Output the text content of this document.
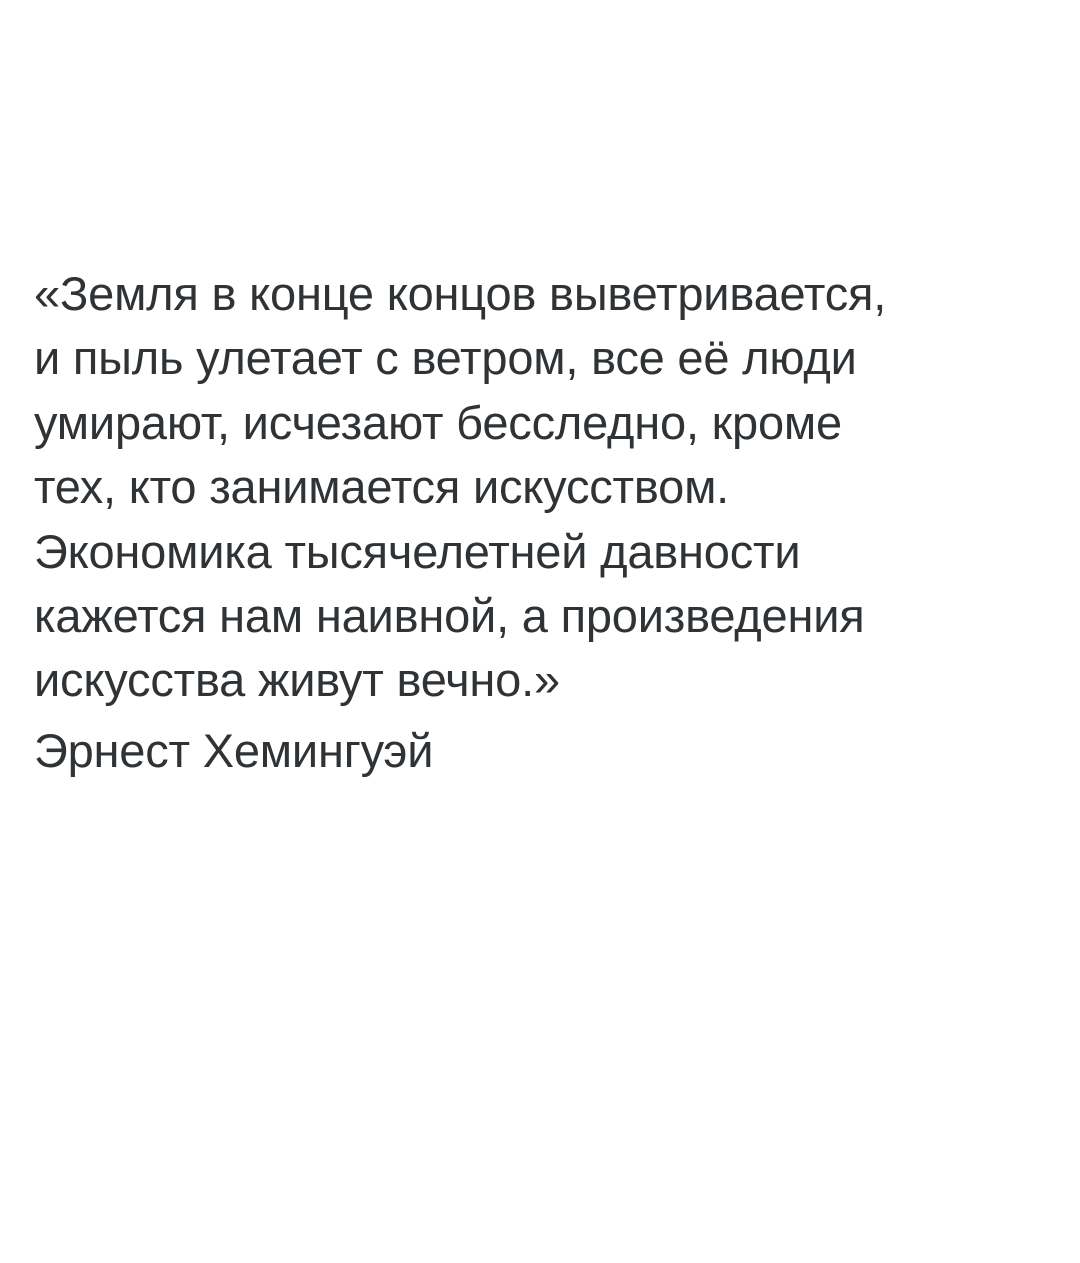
«Земля в конце концов выветривается,
и пыль улетает с ветром, все её люди
умирают, исчезают бесследно, кроме
тех, кто занимается искусством.
Экономика тысячелетней давности
кажется нам наивной, а произведения
искусства живут вечно.»
Эрнест Хемингуэй
